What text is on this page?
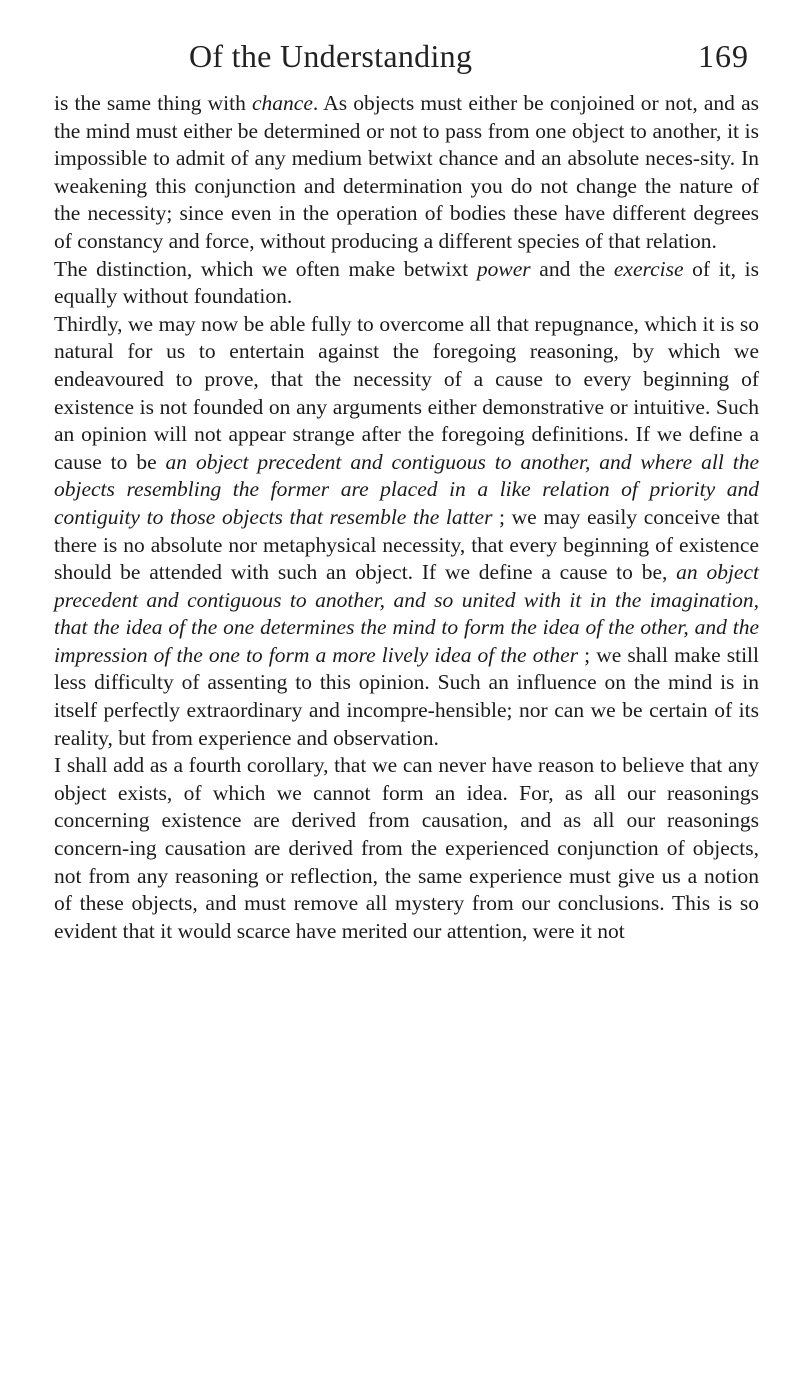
Of the Understanding	169

is the same thing with chance. As objects must either be conjoined or not, and as the mind must either be determined or not to pass from one object to another, it is impossible to admit of any medium betwixt chance and an absolute neces-sity. In weakening this conjunction and determination you do not change the nature of the necessity; since even in the operation of bodies these have different degrees of constancy and force, without producing a different species of that relation.

The distinction, which we often make betwixt power and the exercise of it, is equally without foundation.

Thirdly, we may now be able fully to overcome all that repugnance, which it is so natural for us to entertain against the foregoing reasoning, by which we endeavoured to prove, that the necessity of a cause to every beginning of existence is not founded on any arguments either demonstrative or intuitive. Such an opinion will not appear strange after the foregoing definitions. If we define a cause to be an object precedent and contiguous to another, and where all the objects resembling the former are placed in a like relation of priority and contiguity to those objects that resemble the latter ; we may easily conceive that there is no absolute nor metaphysical necessity, that every beginning of existence should be attended with such an object. If we define a cause to be, an object precedent and contiguous to another, and so united with it in the imagination, that the idea of the one determines the mind to form the idea of the other, and the impression of the one to form a more lively idea of the other ; we shall make still less difficulty of assenting to this opinion. Such an influence on the mind is in itself perfectly extraordinary and incompre-hensible; nor can we be certain of its reality, but from experience and observation.

I shall add as a fourth corollary, that we can never have reason to believe that any object exists, of which we cannot form an idea. For, as all our reasonings concerning existence are derived from causation, and as all our reasonings concern-ing causation are derived from the experienced conjunction of objects, not from any reasoning or reflection, the same experience must give us a notion of these objects, and must remove all mystery from our conclusions. This is so evident that it would scarce have merited our attention, were it not
